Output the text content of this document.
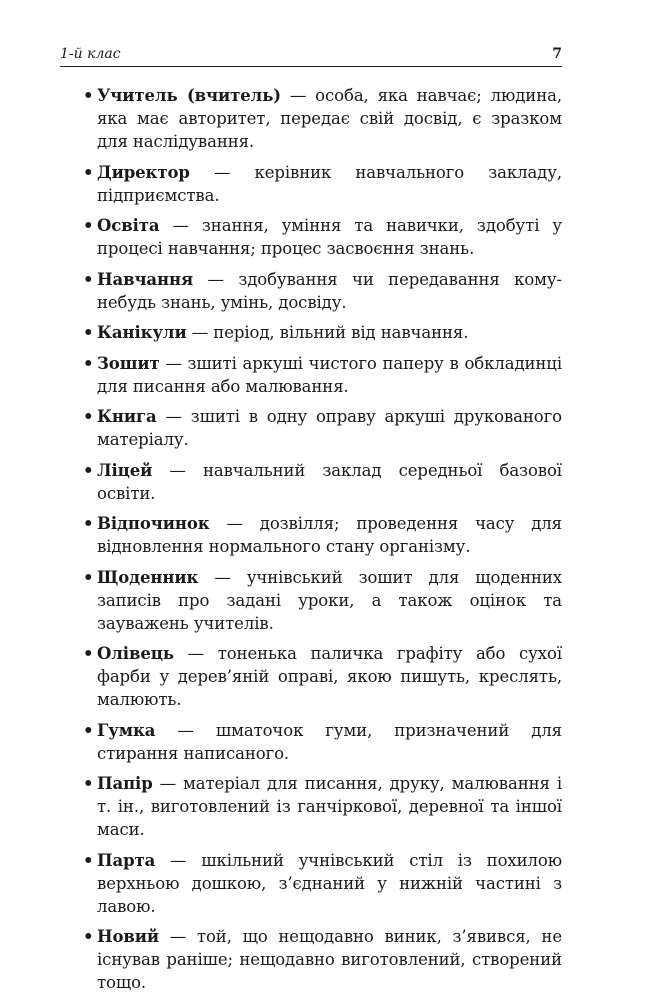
1-й клас	7
• Учитель (вчитель) — особа, яка навчає; людина, яка має авторитет, передає свій досвід, є зразком для наслідування.
• Директор — керівник навчального закладу, підприємства.
• Освіта — знання, уміння та навички, здобуті у процесі навчання; процес засвоєння знань.
• Навчання — здобування чи передавання кому-небудь знань, умінь, досвіду.
• Канікули — період, вільний від навчання.
• Зошит — зшиті аркуші чистого паперу в обкладинці для писання або малювання.
• Книга — зшиті в одну оправу аркуші друкованого матеріалу.
• Ліцей — навчальний заклад середньої базової освіти.
• Відпочинок — дозвілля; проведення часу для відновлення нормального стану організму.
• Щоденник — учнівський зошит для щоденних записів про задані уроки, а також оцінок та зауважень учителів.
• Олівець — тоненька паличка графіту або сухої фарби у дерев’яній оправі, якою пишуть, креслять, малюють.
• Гумка — шматочок гуми, призначений для стирання написаного.
• Папір — матеріал для писання, друку, малювання і т. ін., виготовлений із ганчіркової, деревної та іншої маси.
• Парта — шкільний учнівський стіл із похилою верхньою дошкою, з’єднаний у нижній частині з лавою.
• Новий — той, що нещодавно виник, з’явився, не існував раніше; нещодавно виготовлений, створений тощо.
